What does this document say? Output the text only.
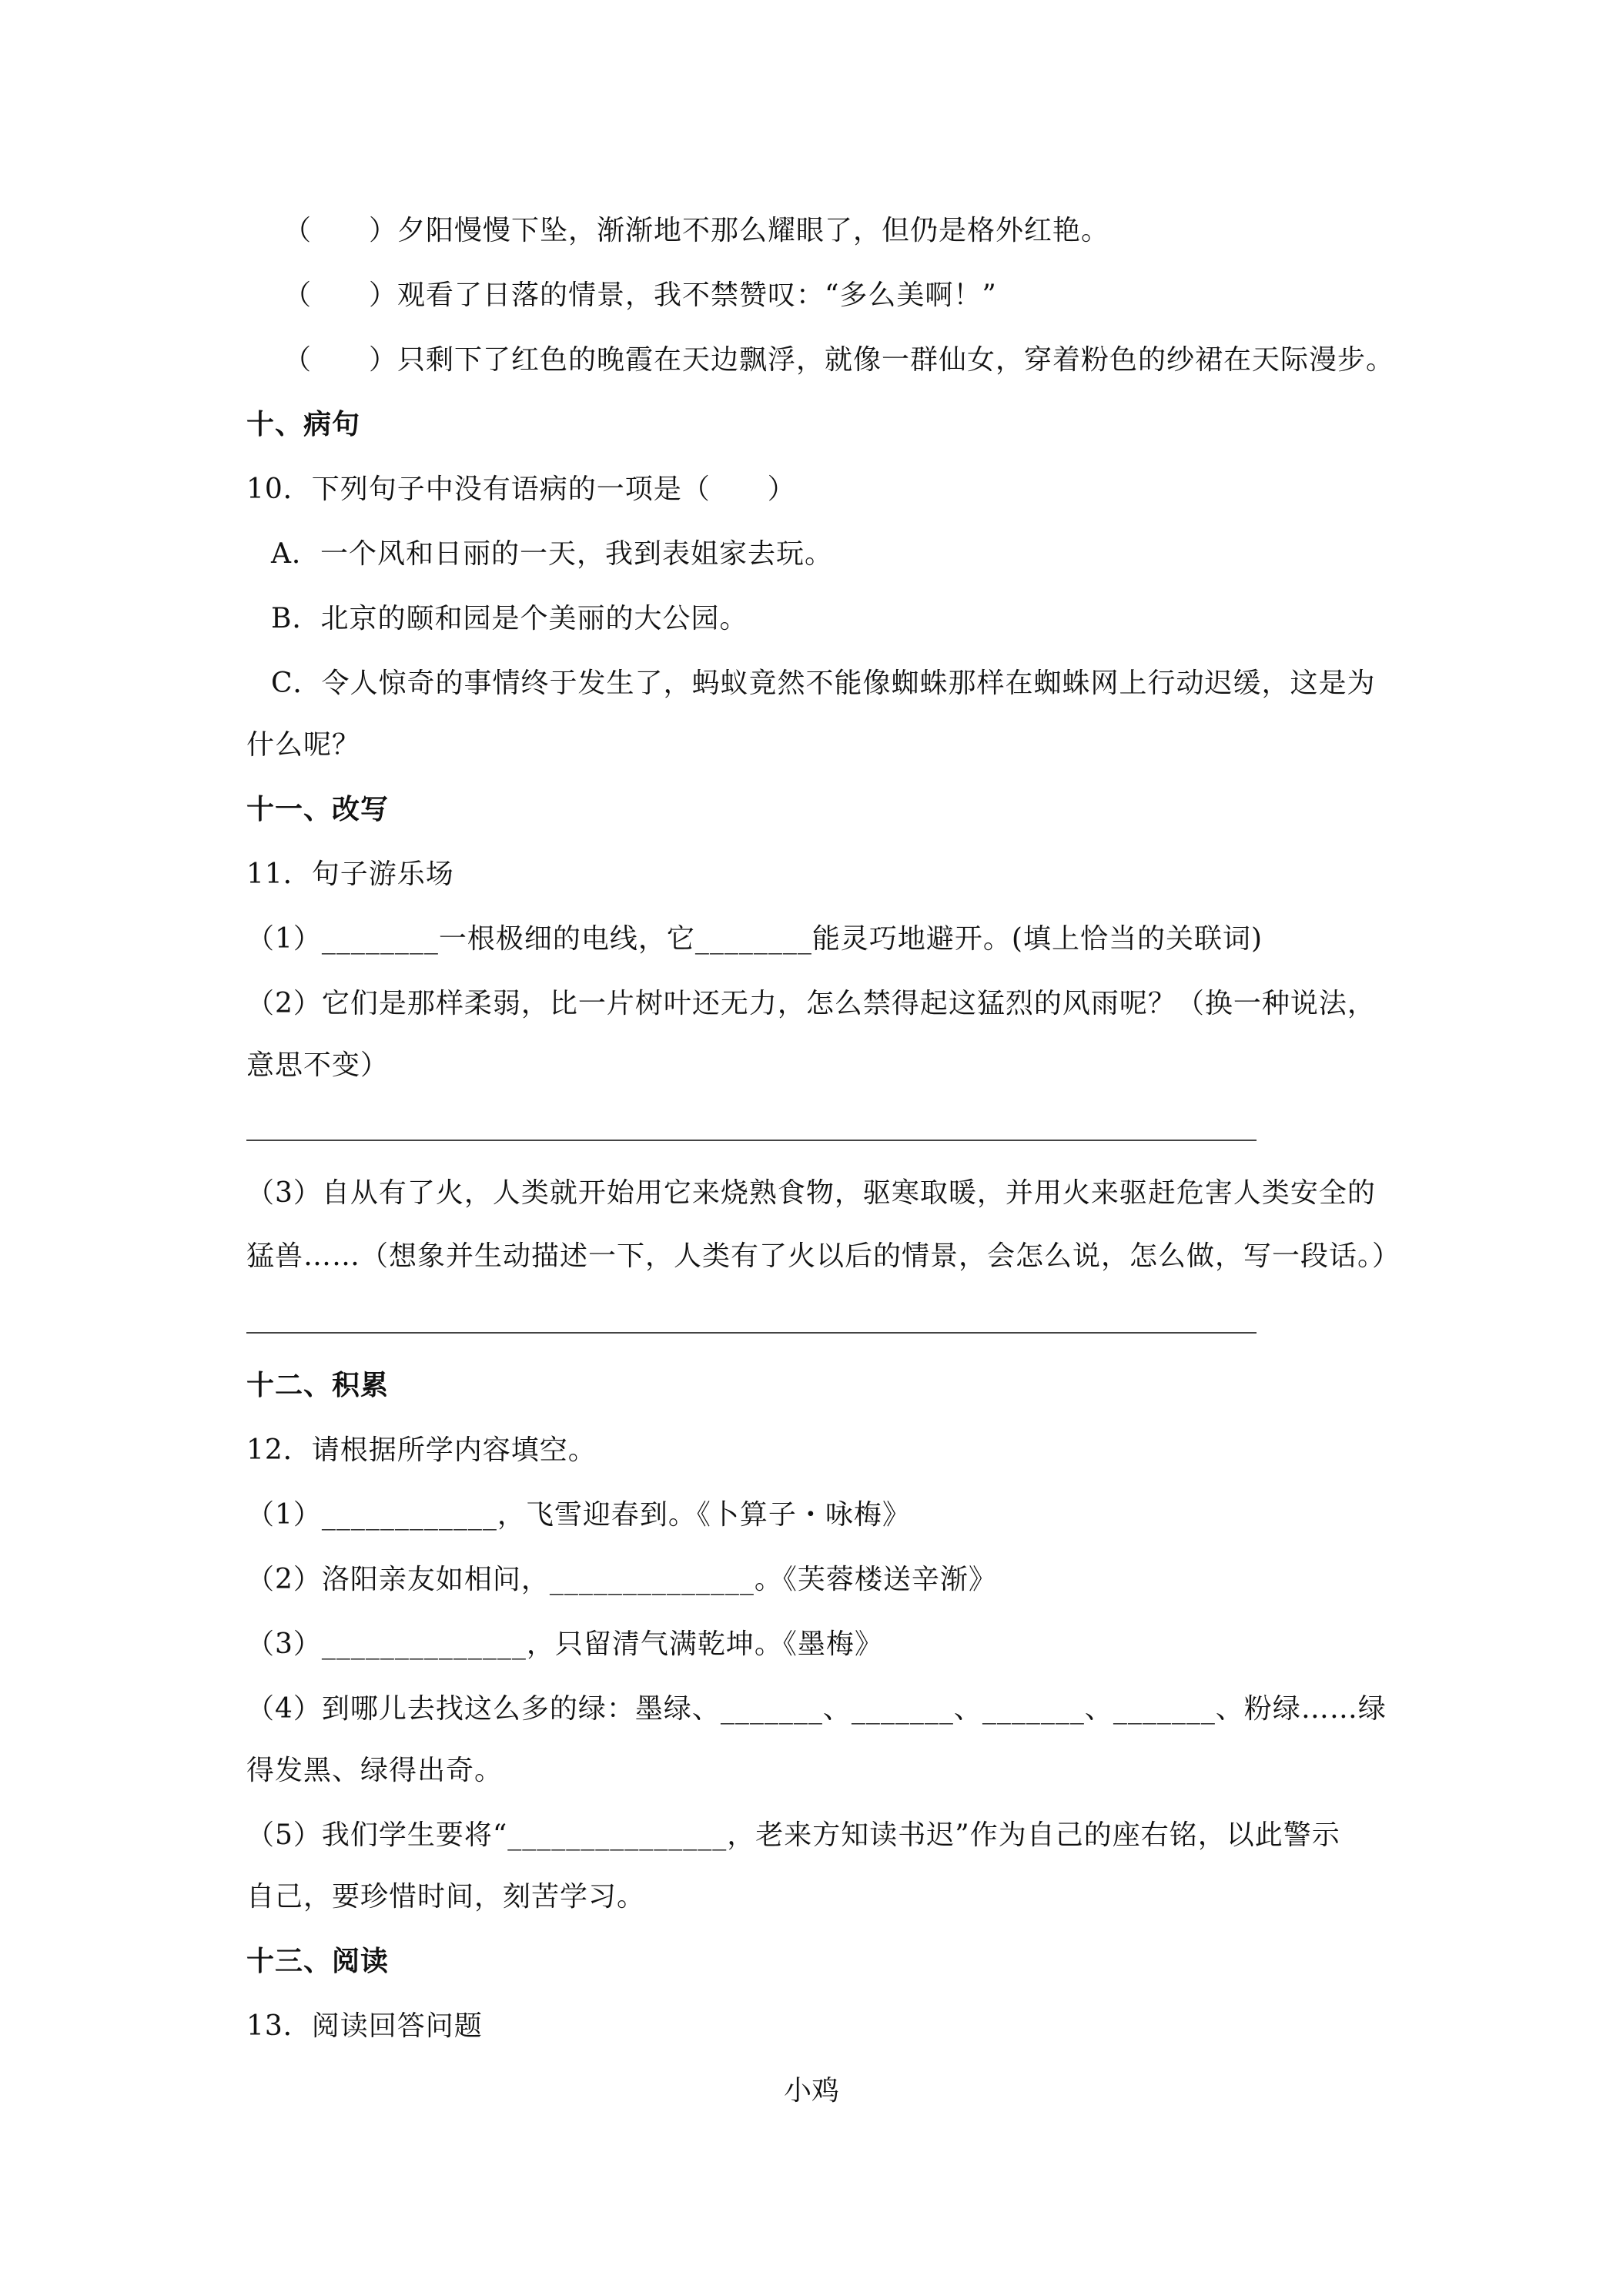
（　　）夕阳慢慢下坠，渐渐地不那么耀眼了，但仍是格外红艳。
（　　）观看了日落的情景，我不禁赞叹：“多么美啊！”
（　　）只剩下了红色的晚霞在天边飘浮，就像一群仙女，穿着粉色的纱裙在天际漫步。
十、病句
10．下列句子中没有语病的一项是（　　）
A．一个风和日丽的一天，我到表姐家去玩。
B．北京的颐和园是个美丽的大公园。
C．令人惊奇的事情终于发生了，蚂蚁竟然不能像蜘蛛那样在蜘蛛网上行动迟缓，这是为
什么呢？
十一、改写
11．句子游乐场
（1）________一根极细的电线，它________能灵巧地避开。(填上恰当的关联词)
（2）它们是那样柔弱，比一片树叶还无力，怎么禁得起这猛烈的风雨呢？（换一种说法，
意思不变）
（3）自从有了火，人类就开始用它来烧熟食物，驱寒取暖，并用火来驱赶危害人类安全的
猛兽……（想象并生动描述一下，人类有了火以后的情景，会怎么说，怎么做，写一段话。）
十二、积累
12．请根据所学内容填空。
（1）____________，飞雪迎春到。《卜算子・咏梅》
（2）洛阳亲友如相问，______________。《芙蓉楼送辛渐》
（3）______________，只留清气满乾坤。《墨梅》
（4）到哪儿去找这么多的绿：墨绿、_______、_______、_______、_______、粉绿……绿
得发黑、绿得出奇。
（5）我们学生要将“_______________，老来方知读书迟”作为自己的座右铭，以此警示
自己，要珍惜时间，刻苦学习。
十三、阅读
13．阅读回答问题
小鸡
